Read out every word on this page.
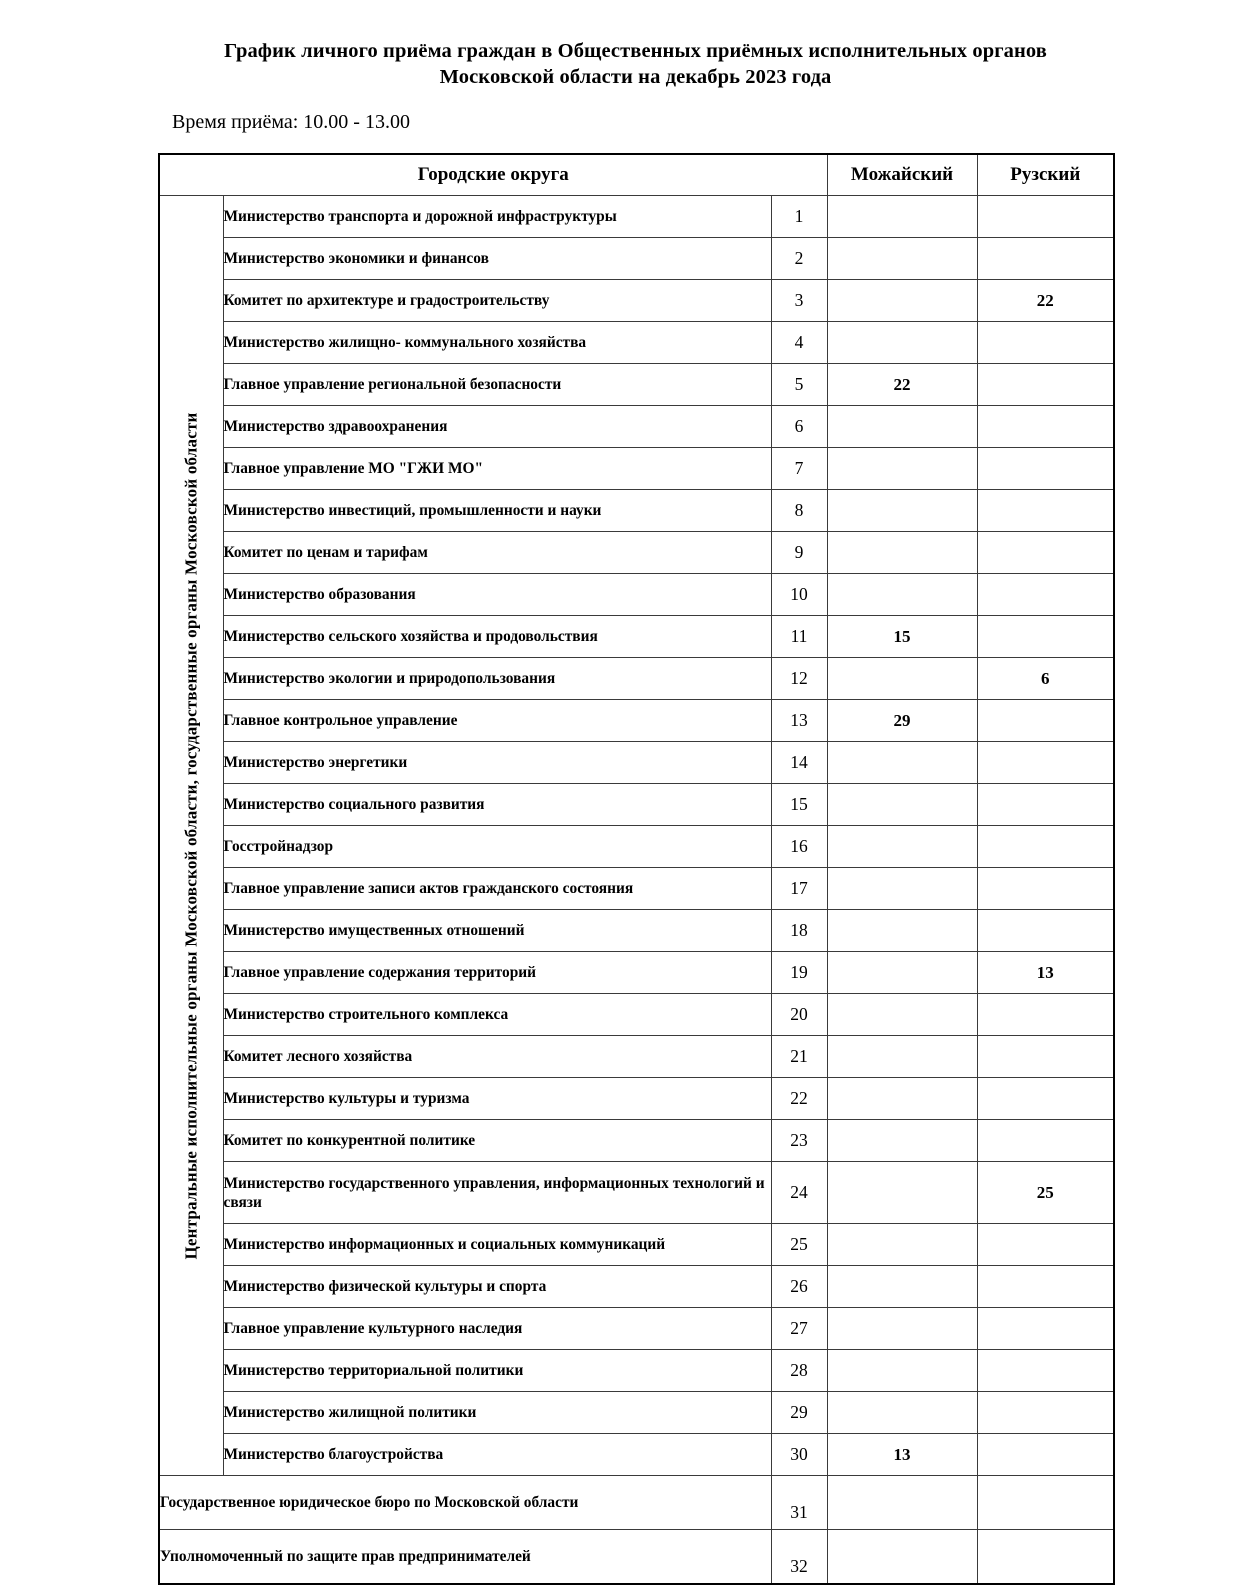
График личного приёма граждан в Общественных приёмных исполнительных органов
Московской области на декабрь 2023 года
Время приёма: 10.00 - 13.00
Городские округа			Можайский	Рузский

Центральные исполнительные органы Московской области, государственные органы Московской области	Министерство транспорта и дорожной инфраструктуры	1		
	Министерство экономики и финансов	2		
	Комитет по архитектуре и градостроительству	3		22
	Министерство жилищно- коммунального хозяйства	4		
	Главное управление региональной безопасности	5	22	
	Министерство здравоохранения	6		
	Главное управление МО "ГЖИ МО"	7		
	Министерство инвестиций, промышленности и науки	8		
	Комитет по ценам и тарифам	9		
	Министерство образования	10		
	Министерство сельского хозяйства и продовольствия	11	15	
	Министерство экологии и природопользования	12		6
	Главное контрольное управление	13	29	
	Министерство энергетики	14		
	Министерство социального развития	15		
	Госстройнадзор	16		
	Главное управление записи актов гражданского состояния	17		
	Министерство имущественных отношений	18		
	Главное управление содержания территорий	19		13
	Министерство строительного комплекса	20		
	Комитет лесного хозяйства	21		
	Министерство культуры и туризма	22		
	Комитет по конкурентной политике	23		
	Министерство государственного управления, информационных технологий и связи	24		25
	Министерство информационных и социальных коммуникаций	25		
	Министерство физической культуры и спорта	26		
	Главное управление культурного наследия	27		
	Министерство территориальной политики	28		
	Министерство жилищной политики	29		
	Министерство благоустройства	30	13	
Государственное юридическое бюро по Московской области		31		
Уполномоченный по защите прав предпринимателей		32		
